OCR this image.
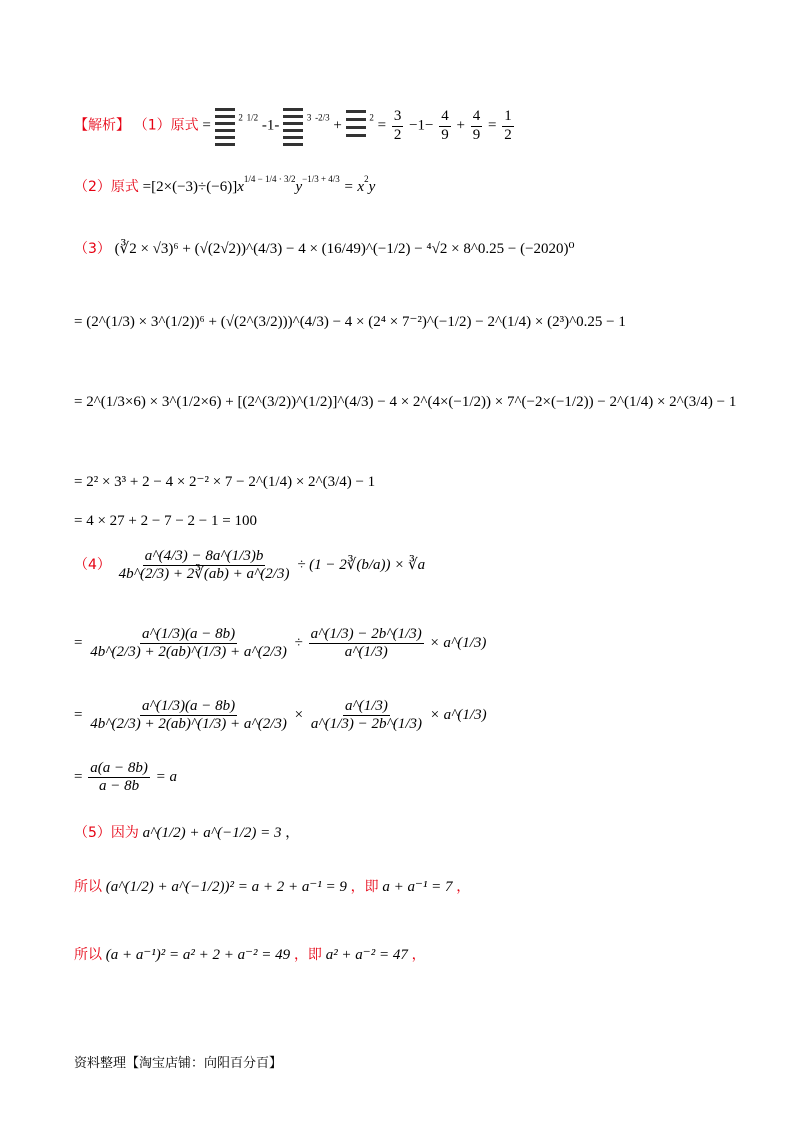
【解析】 （1）原式 =	$^2$ $^{1/2}$ -1-	$^3$ $^{-2/3}$ +	$^2 = \frac{3}{2} -1- \frac{4}{9} + \frac{4}{9} = \frac{1}{2}$
（2）原式 $=[2\times(-3)\div(-6)]x^{1/4 - 1/4 \cdot 3/2}y^{-1/3 + 4/3} = x^2y$
（3） (∛2 × √3)⁶ + (√(2√2))^(4/3) − 4 × (16/49)^(−1/2) − ⁴√2 × 8^0.25 − (−2020)⁰
= (2^(1/3) × 3^(1/2))⁶ + (√(2^(3/2)))^(4/3) − 4 × (2⁴ × 7⁻²)^(−1/2) − 2^(1/4) × (2³)^0.25 − 1
= 2^(1/3×6) × 3^(1/2×6) + [(2^(3/2))^(1/2)]^(4/3) − 4 × 2^(4×(−1/2)) × 7^(−2×(−1/2)) − 2^(1/4) × 2^(3/4) − 1
= 2² × 3³ + 2 − 4 × 2⁻² × 7 − 2^(1/4) × 2^(3/4) − 1
= 4 × 27 + 2 − 7 − 2 − 1 = 100
$(4) \frac{a\^{}(4/3) - 8a\^{}(1/3)b}{4b\^{}(2/3) + 2∛(ab) + a\^{}(2/3)} \div (1$ − 2∛(b/a)) × ∛a
= $\frac{a\^{}(1/3)(a - 8b)}{4b\^{}(2/3) + 2(ab)\^{}(1/3) + a\^{}(2/3)} \div \frac{a\^{}(1/3) - 2b\^{}(1/3)}{a\^{}(1/3)}$ × a^(1/3)
= $\frac{a\^{}(1/3)(a - 8b)}{4b\^{}(2/3) + 2(ab)\^{}(1/3) + a\^{}(2/3)} \times \frac{a\^{}(1/3)}{a\^{}(1/3) - 2b\^{}(1/3)}$ × a^(1/3)
= $\frac{a(a - 8b)}{a - 8b} = a$
（5）因为 a^(1/2) + a^(−1/2) = 3 ，
所以 (a^(1/2) + a^(−1/2))² = a + 2 + a⁻¹ = 9 ，即 a + a⁻¹ = 7 ，
所以 (a + a⁻¹)² = a² + 2 + a⁻² = 49 ，即 a² + a⁻² = 47 ，
资料整理【淘宝店铺：向阳百分百】
